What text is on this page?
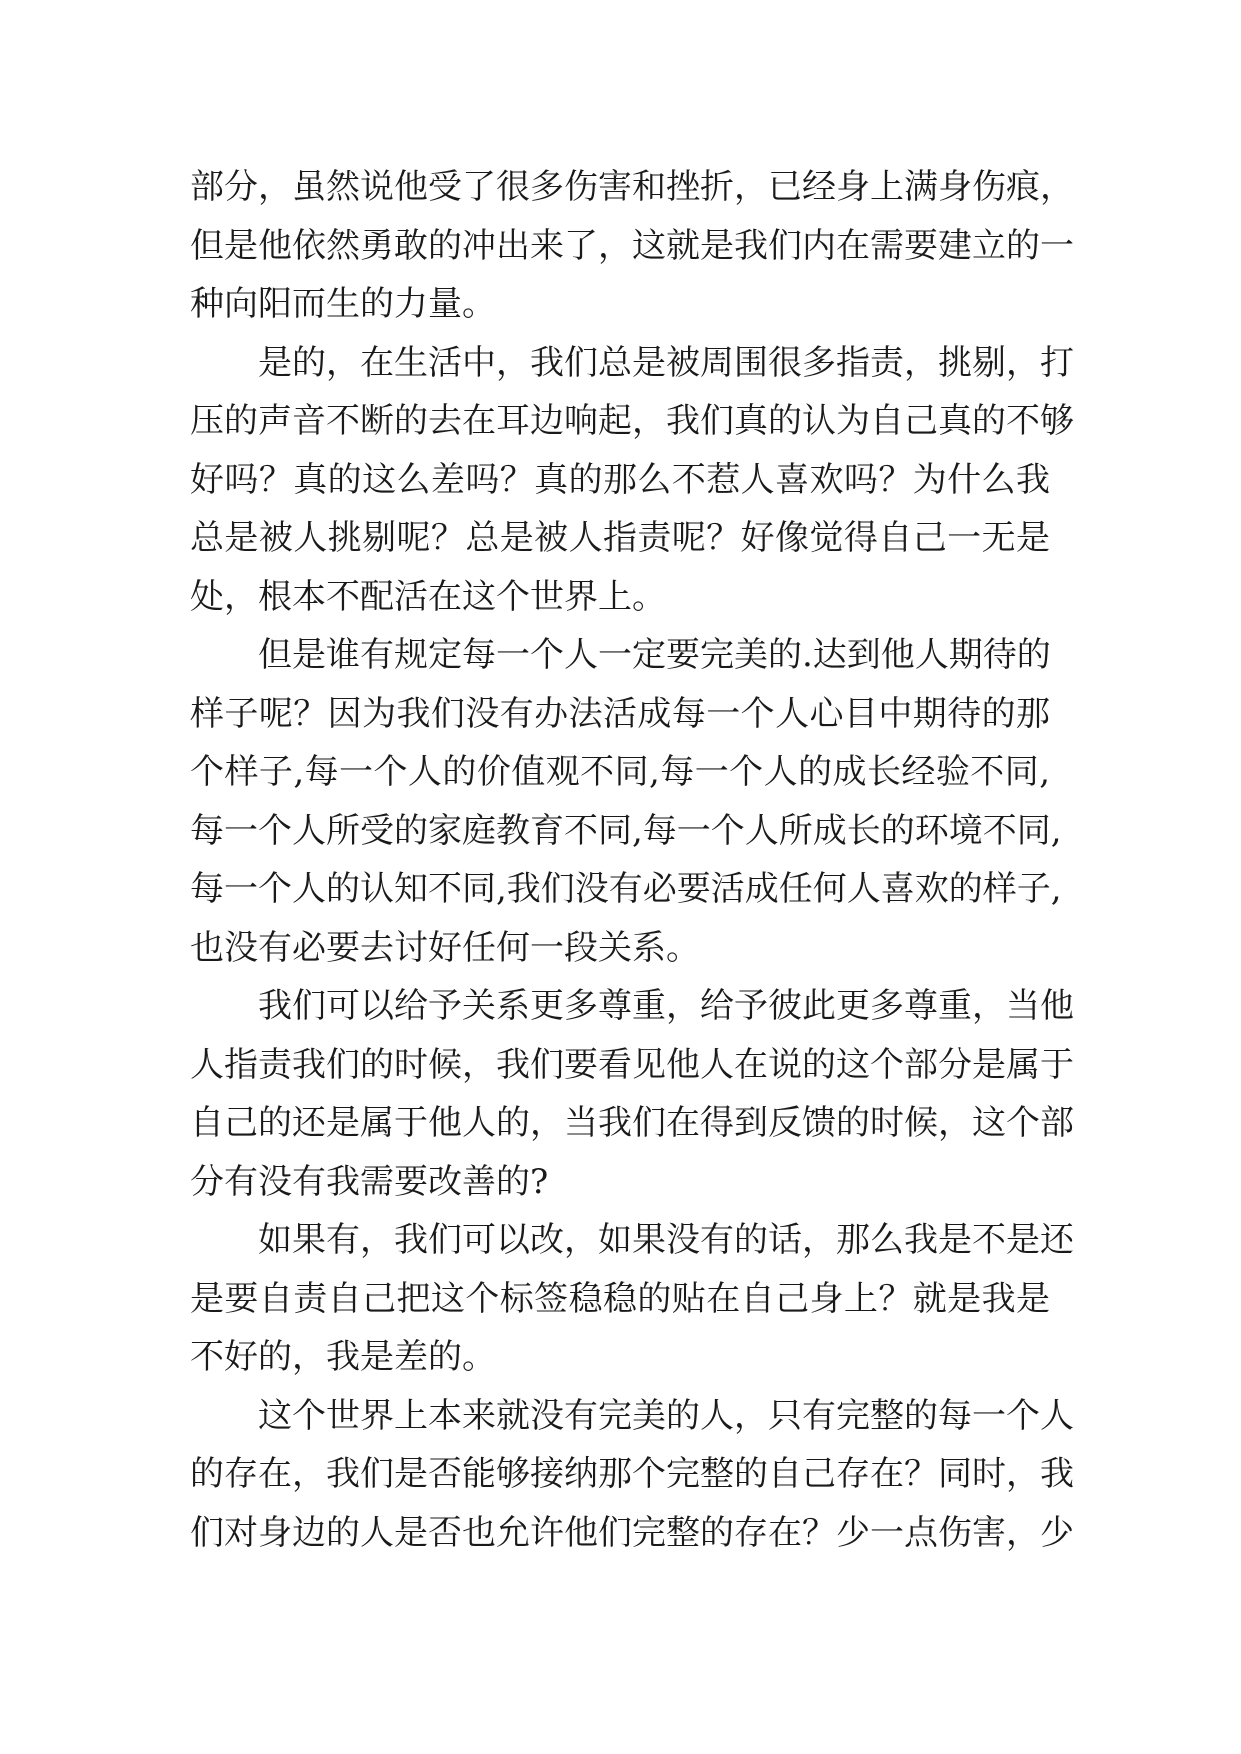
部分，虽然说他受了很多伤害和挫折，已经身上满身伤痕，
但是他依然勇敢的冲出来了，这就是我们内在需要建立的一
种向阳而生的力量。
是的，在生活中，我们总是被周围很多指责，挑剔，打
压的声音不断的去在耳边响起，我们真的认为自己真的不够
好吗？真的这么差吗？真的那么不惹人喜欢吗？为什么我
总是被人挑剔呢？总是被人指责呢？好像觉得自己一无是
处，根本不配活在这个世界上。
但是谁有规定每一个人一定要完美的.达到他人期待的
样子呢？因为我们没有办法活成每一个人心目中期待的那
个样子,每一个人的价值观不同,每一个人的成长经验不同,
每一个人所受的家庭教育不同,每一个人所成长的环境不同,
每一个人的认知不同,我们没有必要活成任何人喜欢的样子,
也没有必要去讨好任何一段关系。
我们可以给予关系更多尊重，给予彼此更多尊重，当他
人指责我们的时候，我们要看见他人在说的这个部分是属于
自己的还是属于他人的，当我们在得到反馈的时候，这个部
分有没有我需要改善的?
如果有，我们可以改，如果没有的话，那么我是不是还
是要自责自己把这个标签稳稳的贴在自己身上？就是我是
不好的，我是差的。
这个世界上本来就没有完美的人，只有完整的每一个人
的存在，我们是否能够接纳那个完整的自己存在？同时，我
们对身边的人是否也允许他们完整的存在？少一点伤害，少
